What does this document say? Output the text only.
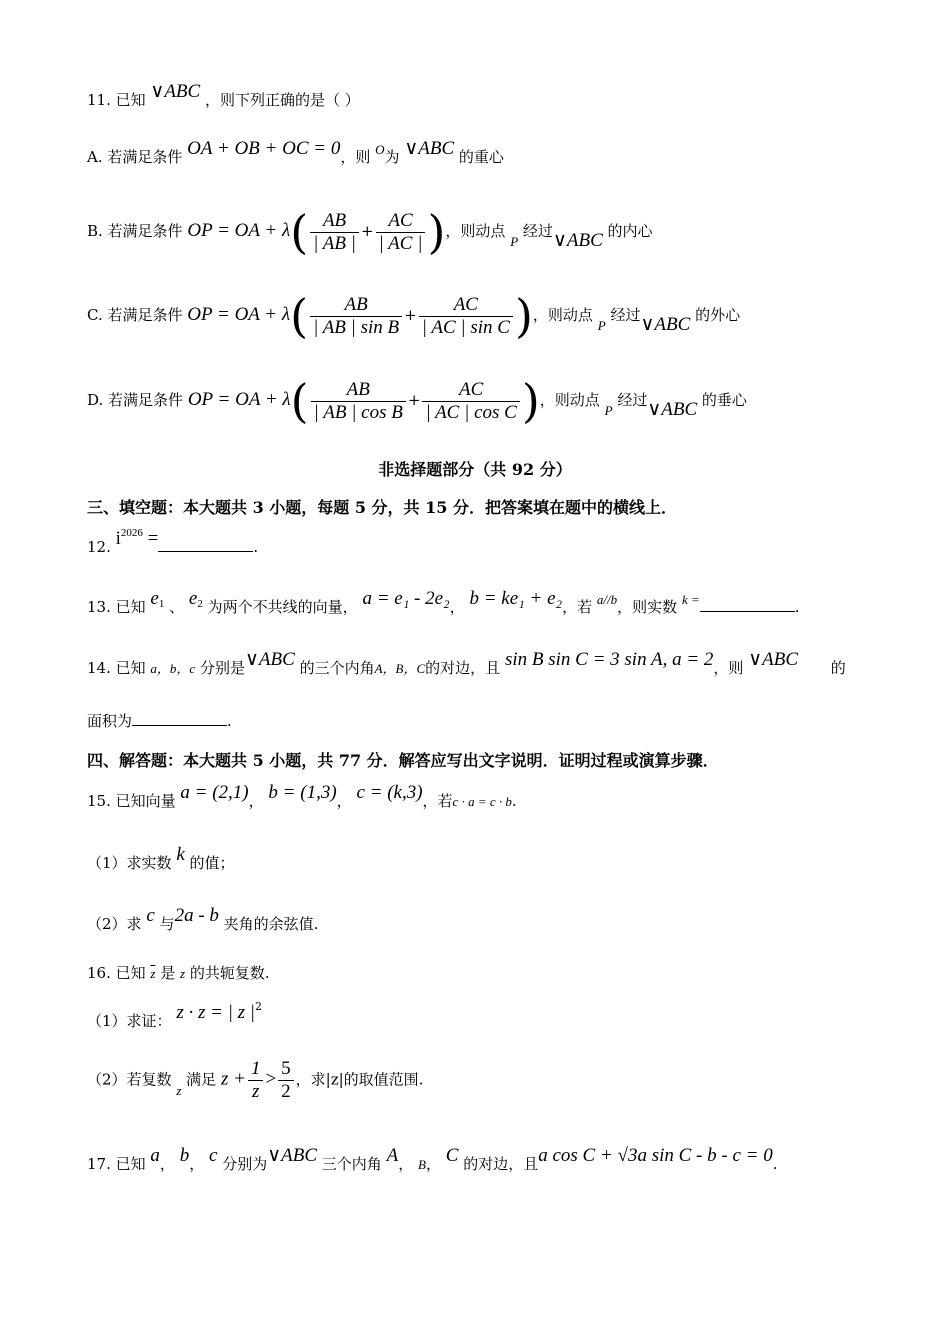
11. 已知 ∨ABC ，则下列正确的是（ ）
A. 若满足条件 OA + OB + OC = 0，则 O为 ∨ABC 的重心
B. 若满足条件 OP = OA + $\lambda( \frac{AB}{| AB |} + \frac{AC}{| AC |}$ )，则动点 P 经过∨ABC 的内心
C. 若满足条件 OP = OA + $\lambda( \frac{AB}{\text{| AB | sin B}} + \frac{AC}{\text{| AC | sin C}}$ )，则动点 P 经过∨ABC 的外心
D. 若满足条件 OP = OA + $\lambda( \frac{AB}{\text{| AB | cos B}} + \frac{AC}{\text{| AC | cos C}}$ )，则动点 P 经过∨ABC 的垂心
非选择题部分（共 92 分）
三、填空题：本大题共 3 小题，每题 5 分，共 15 分．把答案填在题中的横线上．
12. $i^{2026}$ =	.
13. 已知 $e_1$ 、 $e_2$ 为两个不共线的向量， a = e₁ - 2e₂， b = ke₁ + e₂，若 a//b，则实数 k =	.
14. 已知 a，b，c 分别是∨ABC 的三个内角A，B，C的对边，且 sin B sin C = 3 sin A, a = 2，则 ∨ABC 的
面积为	.
四、解答题：本大题共 5 小题，共 77 分．解答应写出文字说明．证明过程或演算步骤．
15. 已知向量 a = (2,1)， b = (1,3)， c = (k,3)，若c · a = c · b.
（1）求实数 k 的值；
（2）求 c 与2a - b 夹角的余弦值.
16. 已知 $\overline{z}$ 是 z 的共轭复数.
（1）求证： z · z = | z $|^2$
（2）若复数 z 满足 $z + \frac{1}{z} > \frac{5}{2}$ ，求|z|的取值范围.
17. 已知 a， b， c 分别为∨ABC 三个内角 A， B， C 的对边，且a cos C + √3a sin C - b - c = 0.
